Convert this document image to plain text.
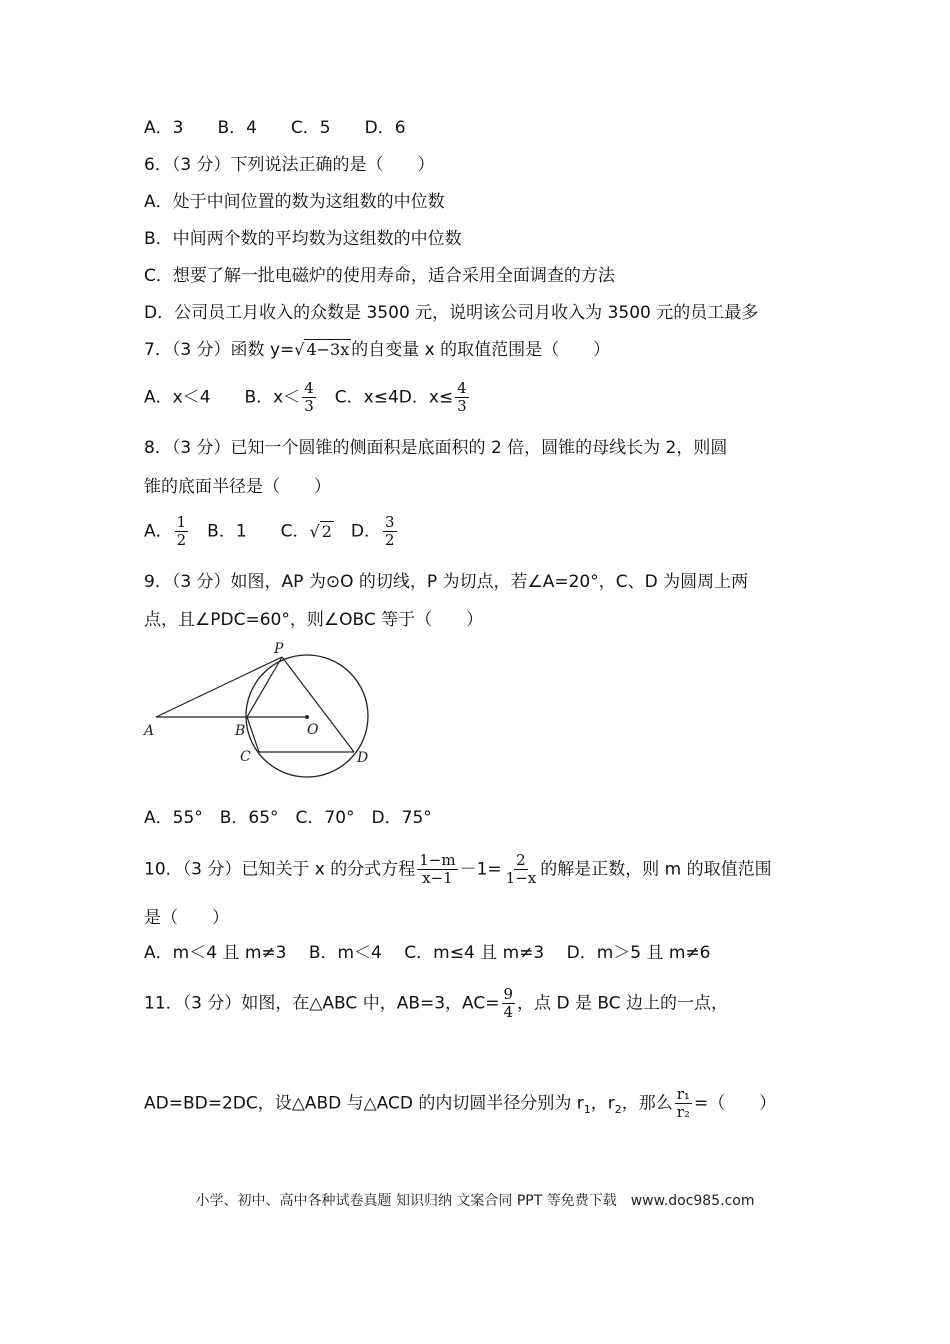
A．3　　B．4　　C．5　　D．6
6．（3 分）下列说法正确的是（　　）
A．处于中间位置的数为这组数的中位数
B．中间两个数的平均数为这组数的中位数
C．想要了解一批电磁炉的使用寿命，适合采用全面调查的方法
D．公司员工月收入的众数是 3500 元，说明该公司月收入为 3500 元的员工最多
7．（3 分）函数 y=√ 4−3x 的自变量 x 的取值范围是（　　）
A．x＜4　　B．$x< \frac{4}{3}$ 　C．x≤4D．$x\le \frac{4}{3}$
8．（3 分）已知一个圆锥的侧面积是底面积的 2 倍，圆锥的母线长为 2，则圆
锥的底面半径是（　　）
A． $\frac{1}{2}$ 　B．1　　C．√ 2　D． $\frac{3}{2}$
9．（3 分）如图，AP 为⊙O 的切线，P 为切点，若∠A=20°，C、D 为圆周上两
点，且∠PDC=60°，则∠OBC 等于（　　）
P
A	B	O
C	D
A．55°　B．65°　C．70°　D．75°
10．（3 分）已知关于 x 的分式方程 $\frac{1-m}{x-1} -1= \frac{2}{1-x}$ 的解是正数，则 m 的取值范围
是（　　）
A．m＜4 且 m≠3　 B．m＜4　 C．m≤4 且 m≠3　 D．m＞5 且 m≠6
11．（3 分）如图，在△ABC 中，AB=3，$AC= \frac{9}{4}$ ，点 D 是 BC 边上的一点，
AD=BD=2DC，设△ABD 与△ACD 的内切圆半径分别为 $r_1$，$r_2$，那么 $\frac{\text{r₁}}{\text{r₂}}$ =（　　）
小学、初中、高中各种试卷真题 知识归纳 文案合同 PPT 等免费下载　www.doc985.com
